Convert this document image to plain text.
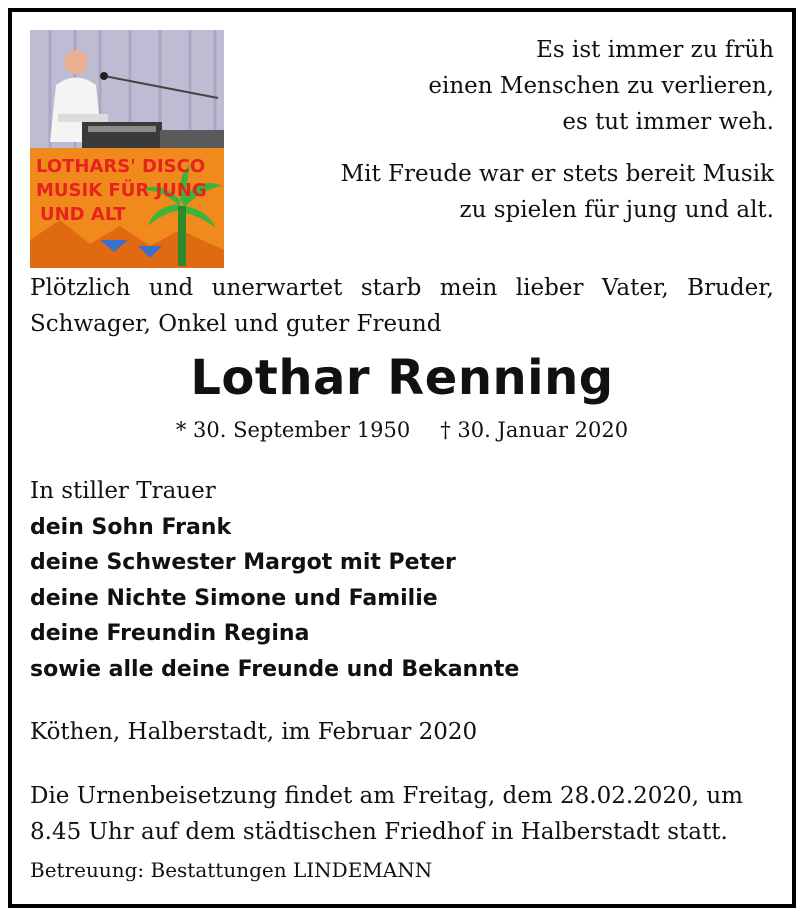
LOTHARS' DISCO
MUSIK FÜR JUNG
UND ALT
Es ist immer zu früh
einen Menschen zu verlieren,
es tut immer weh.
Mit Freude war er stets bereit Musik
zu spielen für jung und alt.
Plötzlich und unerwartet starb mein lieber Vater, Bruder, Schwager, Onkel und guter Freund
Lothar Renning
* 30. September 1950 † 30. Januar 2020
In stiller Trauer
dein Sohn Frank
deine Schwester Margot mit Peter
deine Nichte Simone und Familie
deine Freundin Regina
sowie alle deine Freunde und Bekannte
Köthen, Halberstadt, im Februar 2020
Die Urnenbeisetzung findet am Freitag, dem 28.02.2020, um 8.45 Uhr auf dem städtischen Friedhof in Halberstadt statt.
Betreuung: Bestattungen LINDEMANN
